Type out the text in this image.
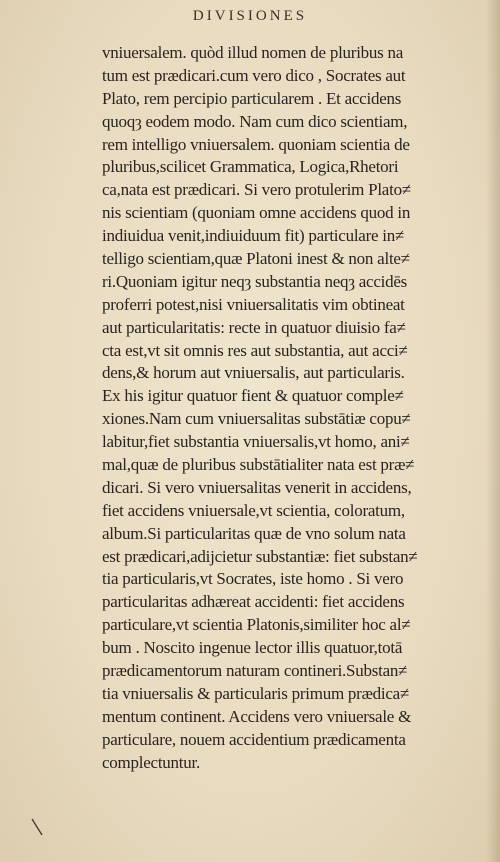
DIVISIONES
vniuersalem. quòd illud nomen de pluribus na
tum est prædicari.cum vero dico , Socrates aut
Plato, rem percipio particularem . Et accidens
quoqȝ eodem modo. Nam cum dico scientiam,
rem intelligo vniuersalem. quoniam scientia de
pluribus,scilicet Grammatica, Logica,Rhetori
ca,nata est prædicari. Si vero protulerim Plato≠
nis scientiam (quoniam omne accidens quod in
indiuidua venit,indiuiduum fit) particulare in≠
telligo scientiam,quæ Platoni inest & non alte≠
ri.Quoniam igitur neqȝ substantia neqȝ accidēs
proferri potest,nisi vniuersalitatis vim obtineat
aut particularitatis: recte in quatuor diuisio fa≠
cta est,vt sit omnis res aut substantia, aut acci≠
dens,& horum aut vniuersalis, aut particularis.
Ex his igitur quatuor fient & quatuor comple≠
xiones.Nam cum vniuersalitas substātiæ copu≠
labitur,fiet substantia vniuersalis,vt homo, ani≠
mal,quæ de pluribus substātialiter nata est præ≠
dicari. Si vero vniuersalitas venerit in accidens,
fiet accidens vniuersale,vt scientia, coloratum,
album.Si particularitas quæ de vno solum nata
est prædicari,adijcietur substantiæ: fiet substan≠
tia particularis,vt Socrates, iste homo . Si vero
particularitas adhæreat accidenti: fiet accidens
particulare,vt scientia Platonis,similiter hoc al≠
bum . Noscito ingenue lector illis quatuor,totā
prædicamentorum naturam contineri.Substan≠
tia vniuersalis & particularis primum prædica≠
mentum continent. Accidens vero vniuersale &
particulare, nouem accidentium prædicamenta
complectuntur.
